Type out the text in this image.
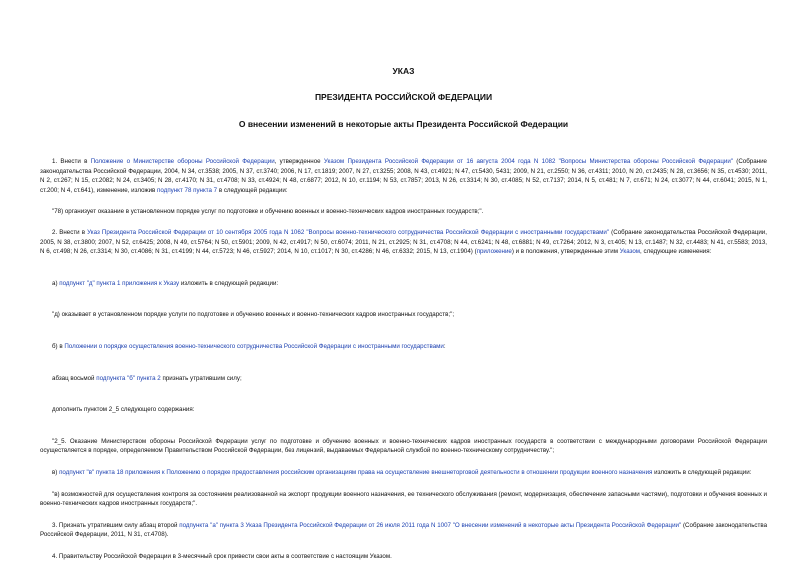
УКАЗ

ПРЕЗИДЕНТА РОССИЙСКОЙ ФЕДЕРАЦИИ

О внесении изменений в некоторые акты Президента Российской Федерации

1. Внести в Положение о Министерстве обороны Российской Федерации, утвержденное Указом Президента Российской Федерации от 16 августа 2004 года N 1082 "Вопросы Министерства обороны Российской Федерации" (Собрание законодательства Российской Федерации, 2004, N 34, ст.3538; 2005, N 37, ст.3740; 2006, N 17, ст.1819; 2007, N 27, ст.3255; 2008, N 43, ст.4921; N 47, ст.5430, 5431; 2009, N 21, ст.2550; N 36, ст.4311; 2010, N 20, ст.2435; N 28, ст.3656; N 35, ст.4530; 2011, N 2, ст.267; N 15, ст.2082; N 24, ст.3405; N 28, ст.4170; N 31, ст.4708; N 33, ст.4924; N 48, ст.6877; 2012, N 10, ст.1194; N 53, ст.7857; 2013, N 26, ст.3314; N 30, ст.4085; N 52, ст.7137; 2014, N 5, ст.481; N 7, ст.671; N 24, ст.3077; N 44, ст.6041; 2015, N 1, ст.200; N 4, ст.641), изменение, изложив подпункт 78 пункта 7 в следующей редакции:

"78) организует оказание в установленном порядке услуг по подготовке и обучению военных и военно-технических кадров иностранных государств;".

2. Внести в Указ Президента Российской Федерации от 10 сентября 2005 года N 1062 "Вопросы военно-технического сотрудничества Российской Федерации с иностранными государствами" (Собрание законодательства Российской Федерации, 2005, N 38, ст.3800; 2007, N 52, ст.6425; 2008, N 49, ст.5764; N 50, ст.5901; 2009, N 42, ст.4917; N 50, ст.6074; 2011, N 21, ст.2925; N 31, ст.4708; N 44, ст.6241; N 48, ст.6881; N 49, ст.7264; 2012, N 3, ст.405; N 13, ст.1487; N 32, ст.4483; N 41, ст.5583; 2013, N 6, ст.498; N 26, ст.3314; N 30, ст.4086; N 31, ст.4199; N 44, ст.5723; N 46, ст.5927; 2014, N 10, ст.1017; N 30, ст.4286; N 46, ст.6332; 2015, N 13, ст.1904) (приложение) и в положения, утвержденные этим Указом, следующие изменения:

а) подпункт "д" пункта 1 приложения к Указу изложить в следующей редакции:

"д) оказывает в установленном порядке услуги по подготовке и обучению военных и военно-технических кадров иностранных государств;";

б) в Положении о порядке осуществления военно-технического сотрудничества Российской Федерации с иностранными государствами:

абзац восьмой подпункта "б" пункта 2 признать утратившим силу;

дополнить пунктом 2_5 следующего содержания:

"2_5. Оказание Министерством обороны Российской Федерации услуг по подготовке и обучению военных и военно-технических кадров иностранных государств в соответствии с международными договорами Российской Федерации осуществляется в порядке, определяемом Правительством Российской Федерации, без лицензий, выдаваемых Федеральной службой по военно-техническому сотрудничеству.";

в) подпункт "в" пункта 18 приложения к Положению о порядке предоставления российским организациям права на осуществление внешнеторговой деятельности в отношении продукции военного назначения изложить в следующей редакции:

"в) возможностей для осуществления контроля за состоянием реализованной на экспорт продукции военного назначения, ее технического обслуживания (ремонт, модернизация, обеспечение запасными частями), подготовки и обучения военных и военно-технических кадров иностранных государств;".

3. Признать утратившим силу абзац второй подпункта "а" пункта 3 Указа Президента Российской Федерации от 26 июля 2011 года N 1007 "О внесении изменений в некоторые акты Президента Российской Федерации" (Собрание законодательства Российской Федерации, 2011, N 31, ст.4708).

4. Правительству Российской Федерации в 3-месячный срок привести свои акты в соответствие с настоящим Указом.
